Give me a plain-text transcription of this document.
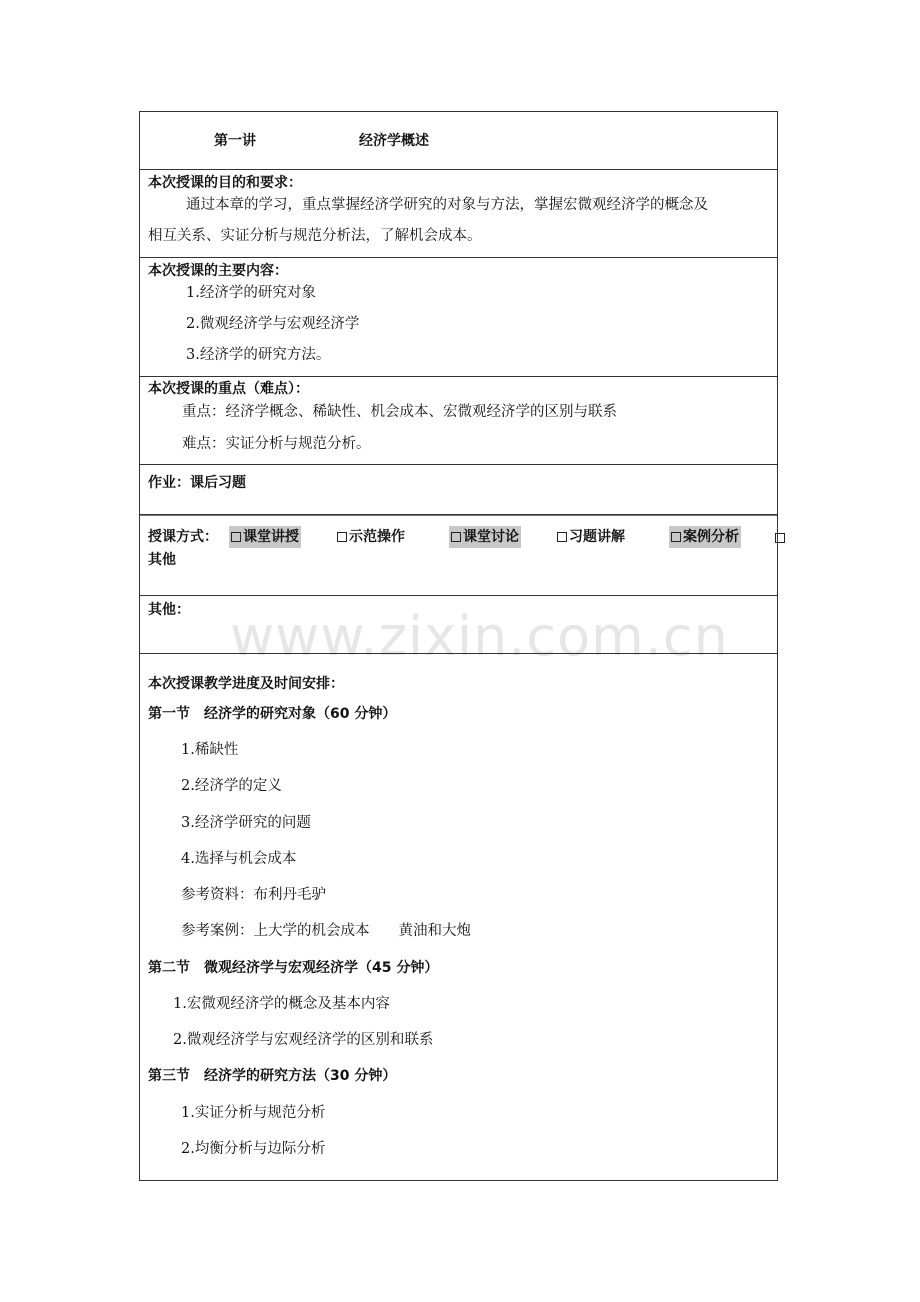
www.zixin.com.cn
第一讲	经济学概述
本次授课的目的和要求：
通过本章的学习，重点掌握经济学研究的对象与方法，掌握宏微观经济学的概念及
相互关系、实证分析与规范分析法，了解机会成本。
本次授课的主要内容：
1.经济学的研究对象
2.微观经济学与宏观经济学
3.经济学的研究方法。
本次授课的重点（难点）：
重点：经济学概念、稀缺性、机会成本、宏微观经济学的区别与联系
难点：实证分析与规范分析。
作业：课后习题
授课方式：	课堂讲授	示范操作	课堂讨论	习题讲解	案例分析
其他
其他：
本次授课教学进度及时间安排：
第一节　经济学的研究对象（60 分钟）
1.稀缺性
2.经济学的定义
3.经济学研究的问题
4.选择与机会成本
参考资料：布利丹毛驴
参考案例：上大学的机会成本　　黄油和大炮
第二节　微观经济学与宏观经济学（45 分钟）
1.宏微观经济学的概念及基本内容
2.微观经济学与宏观经济学的区别和联系
第三节　经济学的研究方法（30 分钟）
1.实证分析与规范分析
2.均衡分析与边际分析
